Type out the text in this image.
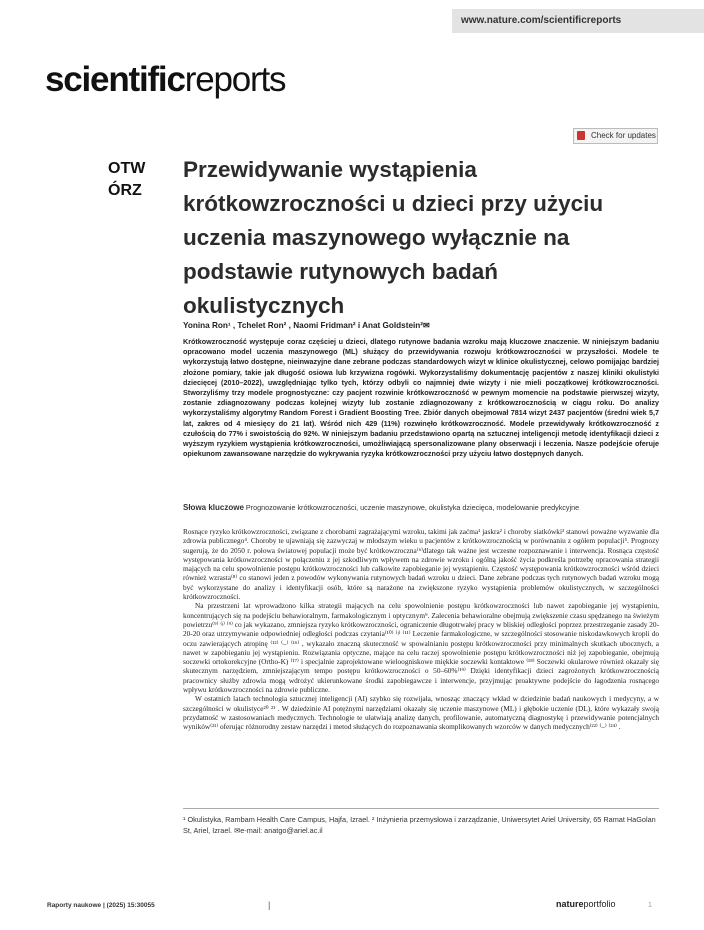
www.nature.com/scientificreports
scientificreports
Check for updates
OTW
ÓRZ
Przewidywanie wystąpienia krótkowzroczności u dzieci przy użyciu uczenia maszynowego wyłącznie na podstawie rutynowych badań okulistycznych
Yonina Ron¹ , Tchelet Ron² , Naomi Fridman² i Anat Goldstein²✉

Krótkowzroczność występuje coraz częściej u dzieci, dlatego rutynowe badania wzroku mają kluczowe znaczenie. W niniejszym badaniu opracowano model uczenia maszynowego (ML) służący do przewidywania rozwoju krótkowzroczności w przyszłości. Modele te wykorzystują łatwo dostępne, nieinwazyjne dane zebrane podczas standardowych wizyt w klinice okulistycznej, celowo pomijając bardziej złożone pomiary, takie jak długość osiowa lub krzywizna rogówki. Wykorzystaliśmy dokumentację pacjentów z naszej kliniki okulistyki dziecięcej (2010–2022), uwzględniając tylko tych, którzy odbyli co najmniej dwie wizyty i nie mieli początkowej krótkowzroczności. Stworzyliśmy trzy modele prognostyczne: czy pacjent rozwinie krótkowzroczność w pewnym momencie na podstawie pierwszej wizyty, zostanie zdiagnozowany podczas kolejnej wizyty lub zostanie zdiagnozowany z krótkowzrocznością w ciągu roku. Do analizy wykorzystaliśmy algorytmy Random Forest i Gradient Boosting Tree. Zbiór danych obejmował 7814 wizyt 2437 pacjentów (średni wiek 5,7 lat, zakres od 4 miesięcy do 21 lat). Wśród nich 429 (11%) rozwinęło krótkowzroczność. Modele przewidywały krótkowzroczność z czułością do 77% i swoistością do 92%. W niniejszym badaniu przedstawiono opartą na sztucznej inteligencji metodę identyfikacji dzieci z wyższym ryzykiem wystąpienia krótkowzroczności, umożliwiającą spersonalizowane plany obserwacji i leczenia. Nasze podejście oferuje opiekunom zawansowane narzędzie do wykrywania ryzyka krótkowzroczności przy użyciu łatwo dostępnych danych.

Słowa kluczowe Prognozowanie krótkowzroczności, uczenie maszynowe, okulistyka dziecięca, modelowanie predykcyjne

Rosnące ryzyko krótkowzroczności, związane z chorobami zagrażającymi wzroku, takimi jak zaćma¹ jaskra² i choroby siatkówki³ stanowi poważne wyzwanie dla zdrowia publicznego⁴. Choroby te ujawniają się zazwyczaj w młodszym wieku u pacjentów z krótkowzrocznością w porównaniu z ogółem populacji⁵. Prognozy sugerują, że do 2050 r. połowa światowej populacji może być krótkowzroczna⁽⁶⁾dlatego tak ważne jest wczesne rozpoznawanie i interwencja. Rosnąca częstość występowania krótkowzroczności w połączeniu z jej szkodliwym wpływem na zdrowie wzroku i ogólną jakość życia podkreśla potrzebę opracowania strategii mających na celu spowolnienie postępu krótkowzroczności lub całkowite zapobieganie jej wystąpieniu. Częstość występowania krótkowzroczności wśród dzieci również wzrasta⁽⁸⁾ co stanowi jeden z powodów wykonywania rutynowych badań wzroku u dzieci. Dane zebrane podczas tych rutynowych badań wzroku mogą być wykorzystane do analizy i identyfikacji osób, które są narażone na zwiększone ryzyko wystąpienia problemów okulistycznych, w szczególności krótkowzroczności.

Na przestrzeni lat wprowadzono kilka strategii mających na celu spowolnienie postępu krótkowzroczności lub nawet zapobieganie jej wystąpieniu, koncentrujących się na podejściu behawioralnym, farmakologicznym i optycznym⁹. Zalecenia behawioralne obejmują zwiększenie czasu spędzanego na świeżym powietrzu⁽⁹⁾ ⁽ʲ⁾ ⁽⁹⁾ co jak wykazano, zmniejsza ryzyko krótkowzroczności, ograniczenie długotrwałej pracy w bliskiej odległości poprzez przestrzeganie zasady 20-20-20 oraz utrzymywanie odpowiedniej odległości podczas czytania⁽¹⁰⁾ ⁽ʲ⁾ ⁽¹¹⁾ Leczenie farmakologiczne, w szczególności stosowanie niskodawkowych kropli do oczu zawierających atropinę ⁽¹²⁾ ⁽–⁾ ⁽¹⁶⁾ , wykazało znaczną skuteczność w spowalnianiu postępu krótkowzroczności przy minimalnych skutkach ubocznych, a nawet w zapobieganiu jej wystąpieniu. Rozwiązania optyczne, mające na celu raczej spowolnienie postępu krótkowzroczności niż jej zapobieganie, obejmują soczewki ortokorekcyjne (Ortho-K) ⁽¹⁷⁾ i specjalnie zaprojektowane wieloogniskowe miękkie soczewki kontaktowe ⁽¹⁸⁾ Soczewki okularowe również okazały się skutecznym narzędziem, zmniejszającym tempo postępu krótkowzroczności o 50–60%⁽¹⁹⁾ Dzięki identyfikacji dzieci zagrożonych krótkowzrocznością pracownicy służby zdrowia mogą wdrożyć ukierunkowane środki zapobiegawcze i interwencje, przyjmując proaktywne podejście do łagodzenia rosnącego wpływu krótkowzroczności na zdrowie publiczne.

W ostatnich latach technologia sztucznej inteligencji (AI) szybko się rozwijała, wnosząc znaczący wkład w dziedzinie badań naukowych i medycyny, a w szczególności w okulistyce²⁰ ²¹ . W dziedzinie AI potężnymi narzędziami okazały się uczenie maszynowe (ML) i głębokie uczenie (DL), które wykazały swoją przydatność w zastosowaniach medycznych. Technologie te ułatwiają analizę danych, profilowanie, automatyczną diagnostykę i przewidywanie potencjalnych wyników⁽²¹⁾ oferując różnorodny zestaw narzędzi i metod służących do rozpoznawania skomplikowanych wzorców w danych medycznych⁽²²⁾ ⁽–⁾ ⁽²⁴⁾ .

¹ Okulistyka, Rambam Health Care Campus, Hajfa, Izrael. ² Inżynieria przemysłowa i zarządzanie, Uniwersytet Ariel University, 65 Ramat HaGolan St, Ariel, Izrael. ✉e-mail: anatgo@ariel.ac.il
Raporty naukowe | (2025) 15:30055	|	natureportfolio	1
